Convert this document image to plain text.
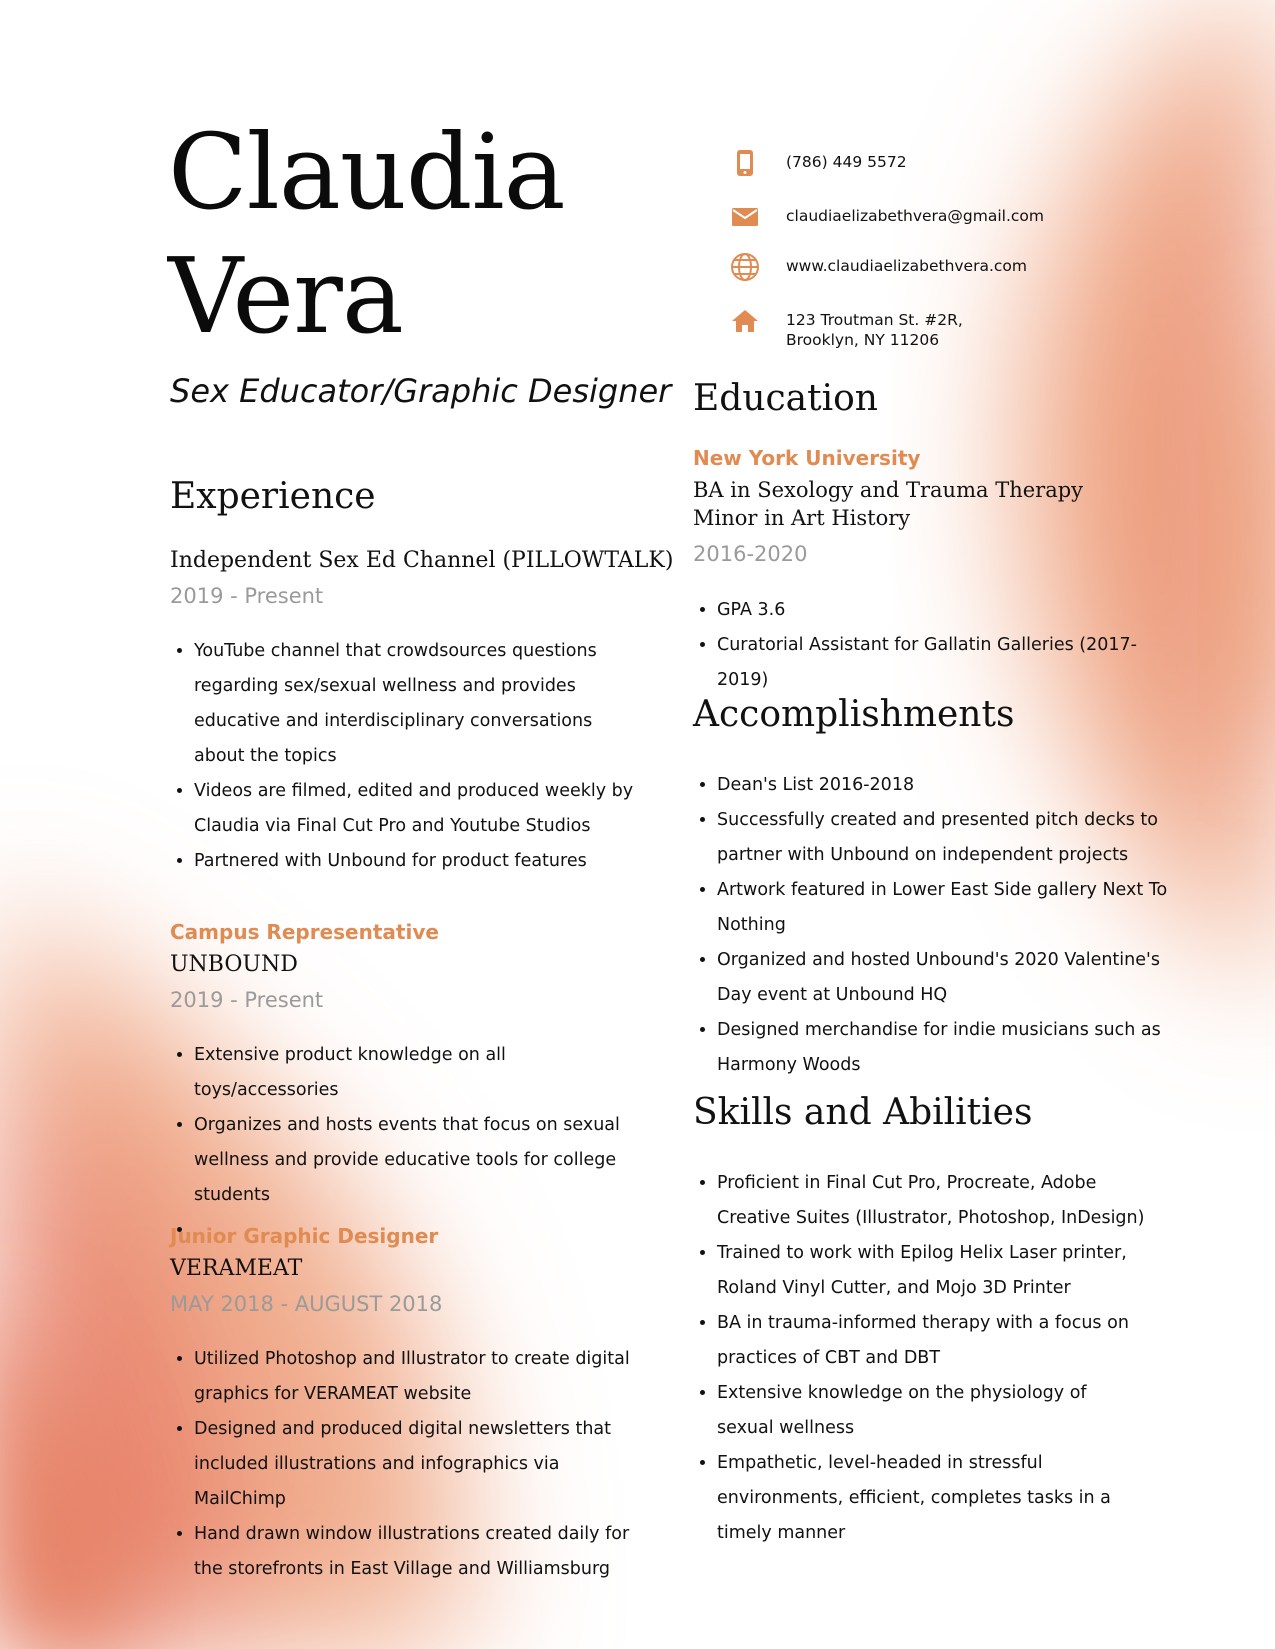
Claudia
Vera
Sex Educator/Graphic Designer
(786) 449 5572
claudiaelizabethvera@gmail.com
www.claudiaelizabethvera.com
123 Troutman St. #2R,
Brooklyn, NY 11206
Experience
Independent Sex Ed Channel (PILLOWTALK)
2019 - Present
• YouTube channel that crowdsources questions regarding sex/sexual wellness and provides educative and interdisciplinary conversations about the topics
• Videos are filmed, edited and produced weekly by Claudia via Final Cut Pro and Youtube Studios
• Partnered with Unbound for product features
Campus Representative
UNBOUND
2019 - Present
• Extensive product knowledge on all toys/accessories
• Organizes and hosts events that focus on sexual wellness and provide educative tools for college students
•
Junior Graphic Designer
VERAMEAT
MAY 2018 - AUGUST 2018
• Utilized Photoshop and Illustrator to create digital graphics for VERAMEAT website
• Designed and produced digital newsletters that included illustrations and infographics via MailChimp
• Hand drawn window illustrations created daily for the storefronts in East Village and Williamsburg
Education
New York University
BA in Sexology and Trauma Therapy
Minor in Art History
2016-2020
• GPA 3.6
• Curatorial Assistant for Gallatin Galleries (2017-2019)
Accomplishments
• Dean's List 2016-2018
• Successfully created and presented pitch decks to partner with Unbound on independent projects
• Artwork featured in Lower East Side gallery Next To Nothing
• Organized and hosted Unbound's 2020 Valentine's Day event at Unbound HQ
• Designed merchandise for indie musicians such as Harmony Woods
Skills and Abilities
• Proficient in Final Cut Pro, Procreate, Adobe Creative Suites (Illustrator, Photoshop, InDesign)
• Trained to work with Epilog Helix Laser printer, Roland Vinyl Cutter, and Mojo 3D Printer
• BA in trauma-informed therapy with a focus on practices of CBT and DBT
• Extensive knowledge on the physiology of sexual wellness
• Empathetic, level-headed in stressful environments, efficient, completes tasks in a timely manner
